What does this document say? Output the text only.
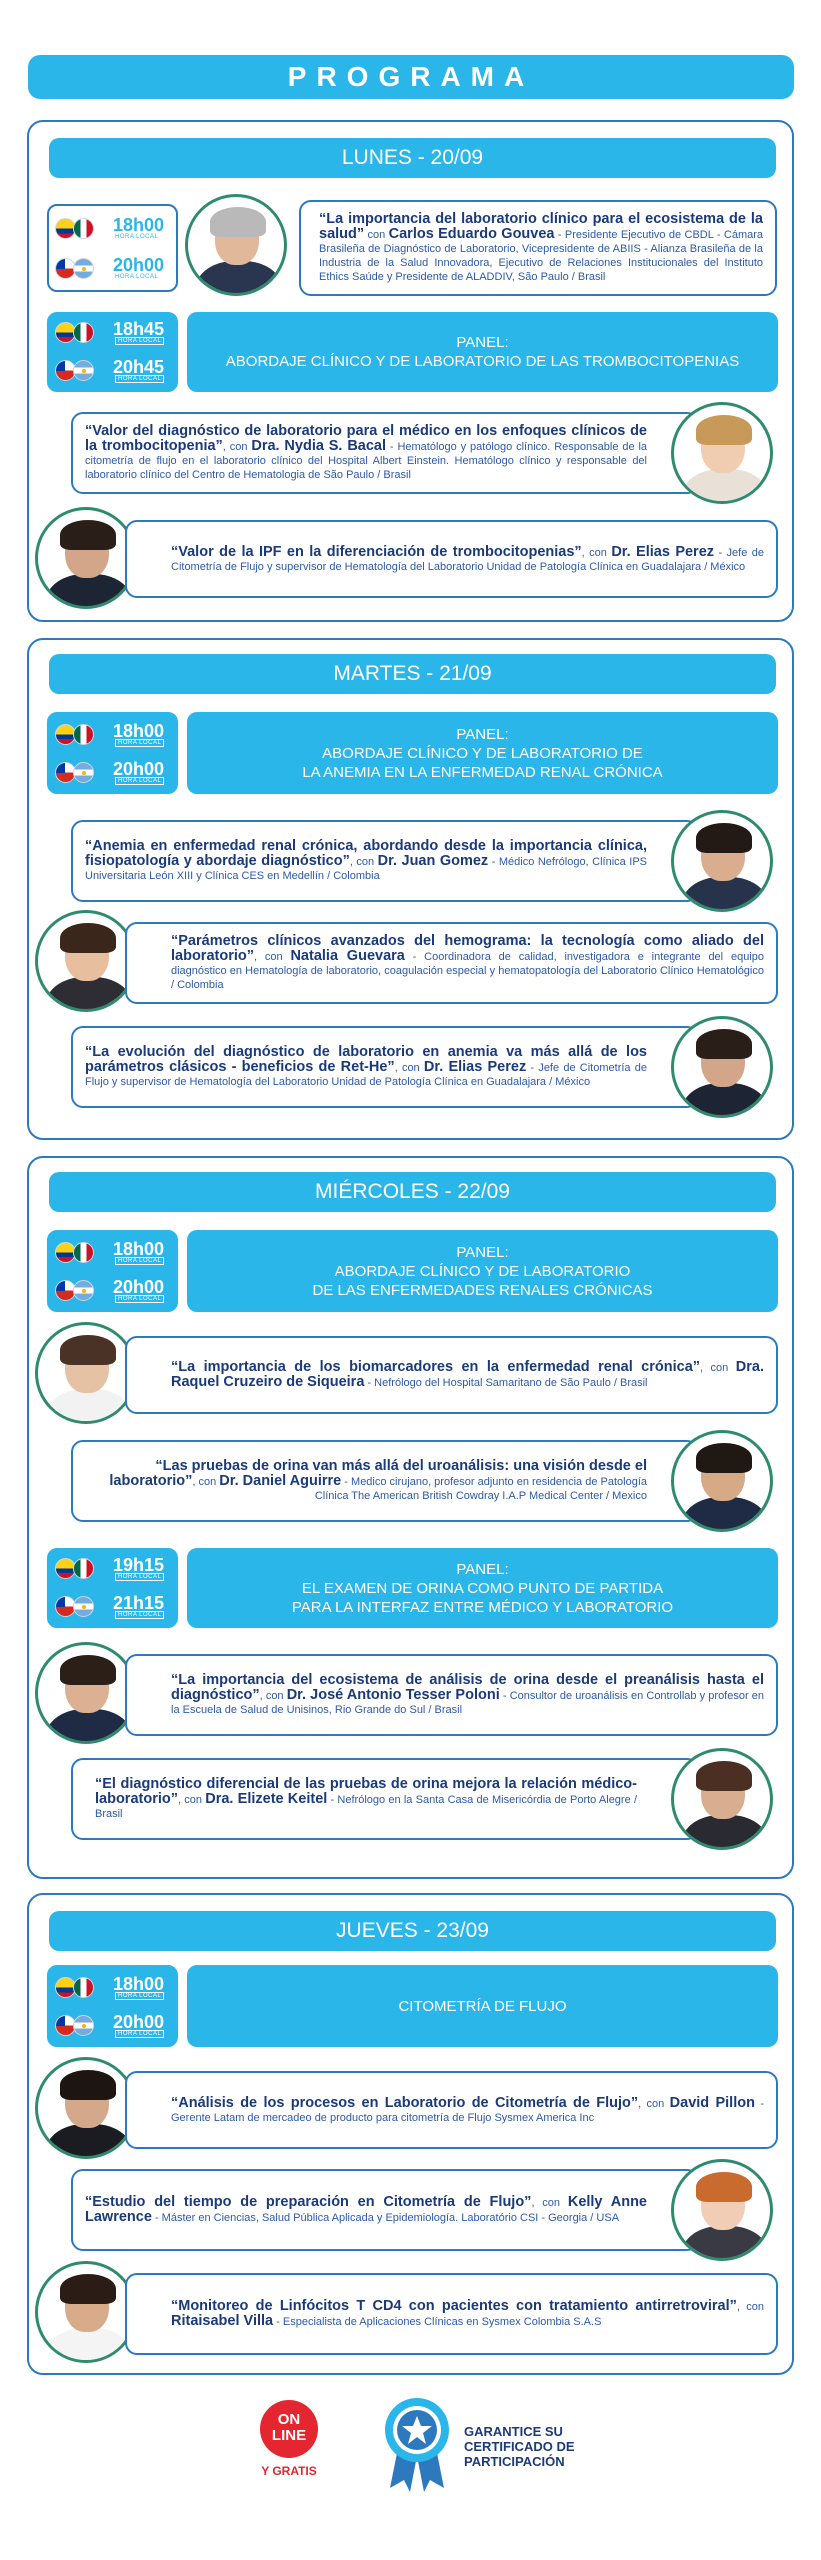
PROGRAMA
LUNES - 20/09
18h00
HORA LOCAL
20h00
HORA LOCAL
“La importancia del laboratorio clínico para el ecosistema de la salud” con Carlos Eduardo Gouvea - Presidente Ejecutivo de CBDL - Cámara Brasileña de Diagnóstico de Laboratorio, Vicepresidente de ABIIS - Alianza Brasileña de la Industria de la Salud Innovadora, Ejecutivo de Relaciones Institucionales del Instituto Ethics Saúde y Presidente de ALADDIV, São Paulo / Brasil
18h45
HORA LOCAL
20h45
HORA LOCAL
PANEL:
ABORDAJE CLÍNICO Y DE LABORATORIO DE LAS TROMBOCITOPENIAS
“Valor del diagnóstico de laboratorio para el médico en los enfoques clínicos de la trombocitopenia”, con Dra. Nydia S. Bacal - Hematólogo y patólogo clínico. Responsable de la citometría de flujo en el laboratorio clínico del Hospital Albert Einstein. Hematólogo clínico y responsable del laboratorio clínico del Centro de Hematologia de São Paulo / Brasil
“Valor de la IPF en la diferenciación de trombocitopenias”, con Dr. Elias Perez - Jefe de Citometría de Flujo y supervisor de Hematología del Laboratorio Unidad de Patología Clínica en Guadalajara / México
MARTES - 21/09
18h00
HORA LOCAL
20h00
HORA LOCAL
PANEL:
ABORDAJE CLÍNICO Y DE LABORATORIO DE
LA ANEMIA EN LA ENFERMEDAD RENAL CRÓNICA
“Anemia en enfermedad renal crónica, abordando desde la importancia clínica, fisiopatología y abordaje diagnóstico”, con Dr. Juan Gomez - Médico Nefrólogo, Clínica IPS Universitaria León XIII y Clínica CES en Medellín / Colombia
“Parámetros clínicos avanzados del hemograma: la tecnología como aliado del laboratorio”, con Natalia Guevara - Coordinadora de calidad, investigadora e integrante del equipo diagnóstico en Hematología de laboratorio, coagulación especial y hematopatología del Laboratorio Clínico Hematológico / Colombia
“La evolución del diagnóstico de laboratorio en anemia va más allá de los parámetros clásicos - beneficios de Ret-He”, con Dr. Elias Perez - Jefe de Citometría de Flujo y supervisor de Hematología del Laboratorio Unidad de Patología Clínica en Guadalajara / México
MIÉRCOLES - 22/09
18h00
HORA LOCAL
20h00
HORA LOCAL
PANEL:
ABORDAJE CLÍNICO Y DE LABORATORIO
DE LAS ENFERMEDADES RENALES CRÓNICAS
“La importancia de los biomarcadores en la enfermedad renal crónica”, con Dra. Raquel Cruzeiro de Siqueira - Nefrólogo del Hospital Samaritano de São Paulo / Brasil
“Las pruebas de orina van más allá del uroanálisis: una visión desde el laboratorio”, con Dr. Daniel Aguirre - Medico cirujano, profesor adjunto en residencia de Patología Clínica The American British Cowdray I.A.P Medical Center / Mexico
19h15
HORA LOCAL
21h15
HORA LOCAL
PANEL:
EL EXAMEN DE ORINA COMO PUNTO DE PARTIDA
PARA LA INTERFAZ ENTRE MÉDICO Y LABORATORIO
“La importancia del ecosistema de análisis de orina desde el preanálisis hasta el diagnóstico”, con Dr. José Antonio Tesser Poloni - Consultor de uroanálisis en Controllab y profesor en la Escuela de Salud de Unisinos, Rio Grande do Sul / Brasil
“El diagnóstico diferencial de las pruebas de orina mejora la relación médico-laboratorio”, con Dra. Elizete Keitel - Nefrólogo en la Santa Casa de Misericórdia de Porto Alegre / Brasil
JUEVES - 23/09
18h00
HORA LOCAL
20h00
HORA LOCAL
CITOMETRÍA DE FLUJO
“Análisis de los procesos en Laboratorio de Citometría de Flujo”, con David Pillon - Gerente Latam de mercadeo de producto para citometría de Flujo Sysmex America Inc
“Estudio del tiempo de preparación en Citometría de Flujo”, con Kelly Anne Lawrence - Máster en Ciencias, Salud Pública Aplicada y Epidemiología. Laboratório CSI - Georgia / USA
“Monitoreo de Linfócitos T CD4 con pacientes con tratamiento antirretroviral”, con Ritaisabel Villa - Especialista de Aplicaciones Clínicas en Sysmex Colombia S.A.S
ON
LINE
Y GRATIS
GARANTICE SU
CERTIFICADO DE
PARTICIPACIÓN
